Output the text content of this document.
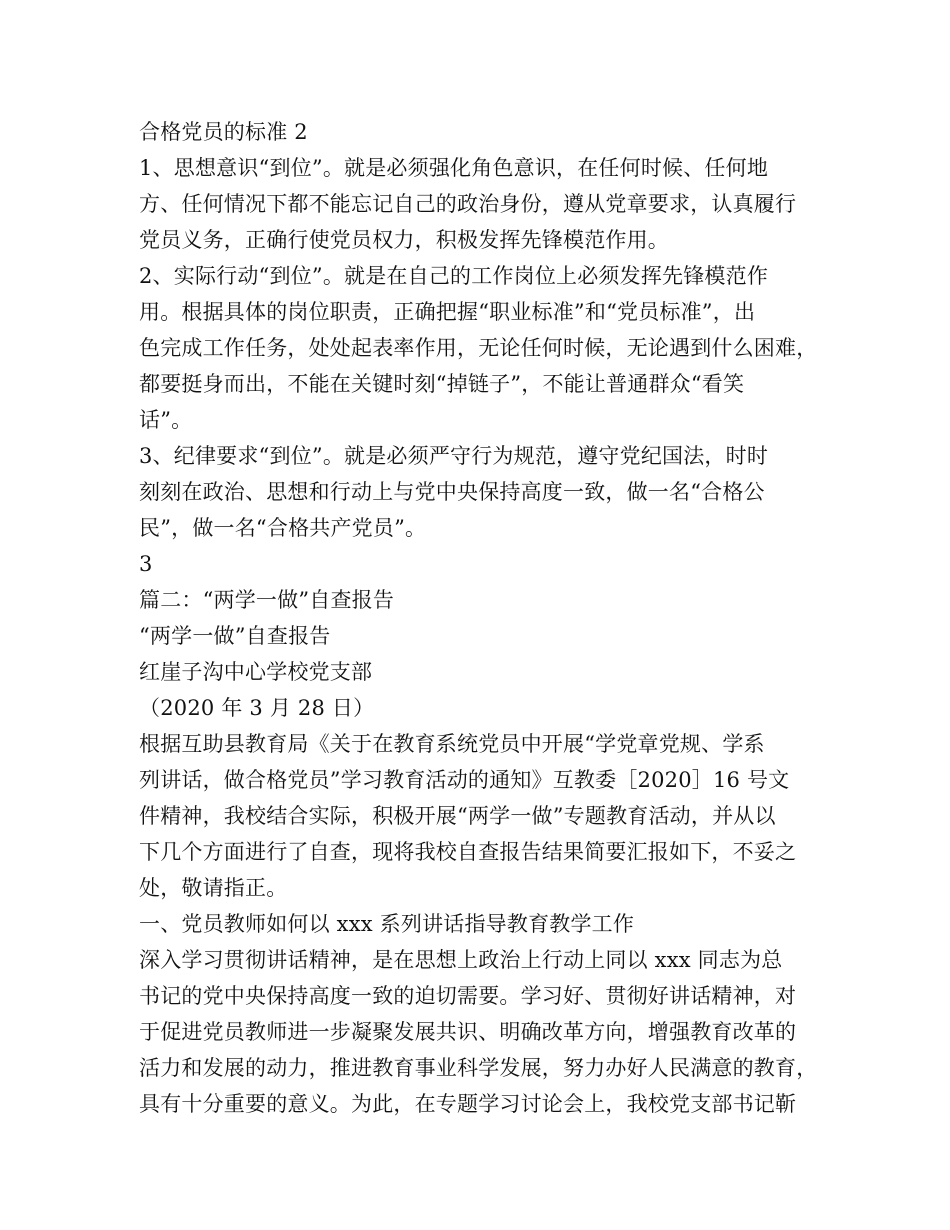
合格党员的标准 2
1、思想意识“到位”。就是必须强化角色意识，在任何时候、任何地
方、任何情况下都不能忘记自己的政治身份，遵从党章要求，认真履行
党员义务，正确行使党员权力，积极发挥先锋模范作用。
2、实际行动“到位”。就是在自己的工作岗位上必须发挥先锋模范作
用。根据具体的岗位职责，正确把握“职业标准”和“党员标准”，出
色完成工作任务，处处起表率作用，无论任何时候，无论遇到什么困难，
都要挺身而出，不能在关键时刻“掉链子”，不能让普通群众“看笑
话”。
3、纪律要求“到位”。就是必须严守行为规范，遵守党纪国法，时时
刻刻在政治、思想和行动上与党中央保持高度一致，做一名“合格公
民”，做一名“合格共产党员”。
3
篇二：“两学一做”自查报告
“两学一做”自查报告
红崖子沟中心学校党支部
（2020 年 3 月 28 日）
根据互助县教育局《关于在教育系统党员中开展“学党章党规、学系
列讲话，做合格党员”学习教育活动的通知》互教委［2020］16 号文
件精神，我校结合实际，积极开展“两学一做”专题教育活动，并从以
下几个方面进行了自查，现将我校自查报告结果简要汇报如下，不妥之
处，敬请指正。
一、党员教师如何以 xxx 系列讲话指导教育教学工作
深入学习贯彻讲话精神，是在思想上政治上行动上同以 xxx 同志为总
书记的党中央保持高度一致的迫切需要。学习好、贯彻好讲话精神，对
于促进党员教师进一步凝聚发展共识、明确改革方向，增强教育改革的
活力和发展的动力，推进教育事业科学发展，努力办好人民满意的教育，
具有十分重要的意义。为此，在专题学习讨论会上，我校党支部书记靳
